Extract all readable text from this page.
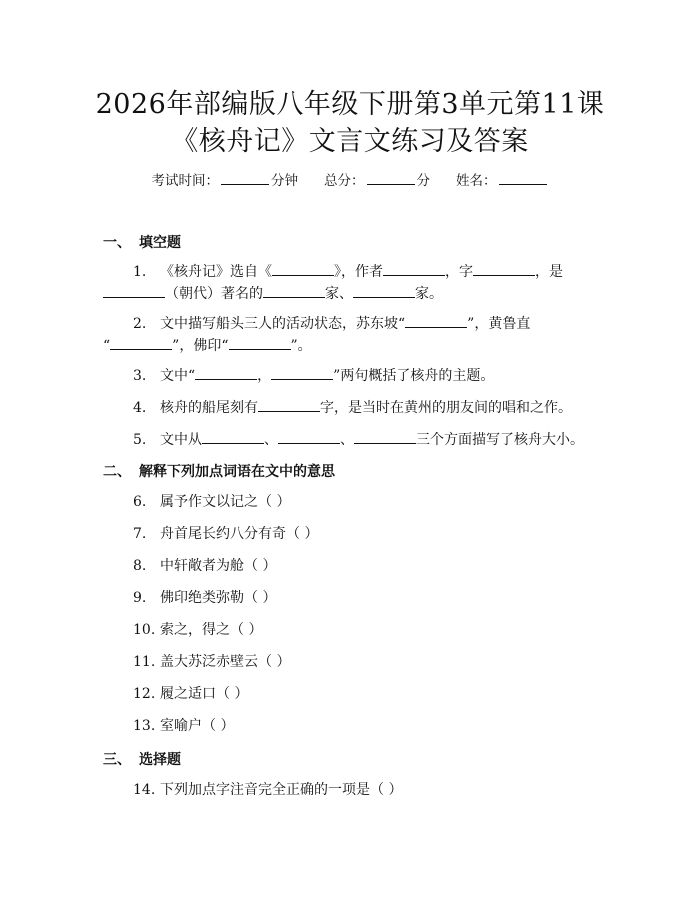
2026年部编版八年级下册第3单元第11课
《核舟记》文言文练习及答案
考试时间：	分钟 总分：	分 姓名：
一、 填空题
1. 《核舟记》选自《	》，作者	，字	，是
（朝代）著名的	家、	家。
2. 文中描写船头三人的活动状态，苏东坡“	”，黄鲁直
“	”，佛印“	”。
3. 文中“	，	”两句概括了核舟的主题。
4. 核舟的船尾刻有	字，是当时在黄州的朋友间的唱和之作。
5. 文中从	、	、	三个方面描写了核舟大小。
二、 解释下列加点词语在文中的意思
6. 属予作文以记之（ ）
7. 舟首尾长约八分有奇（ ）
8. 中轩敞者为舱（ ）
9. 佛印绝类弥勒（ ）
10. 索之，得之（ ）
11. 盖大苏泛赤壁云（ ）
12. 履之适口（ ）
13. 室喻户（ ）
三、 选择题
14. 下列加点字注音完全正确的一项是（ ）
